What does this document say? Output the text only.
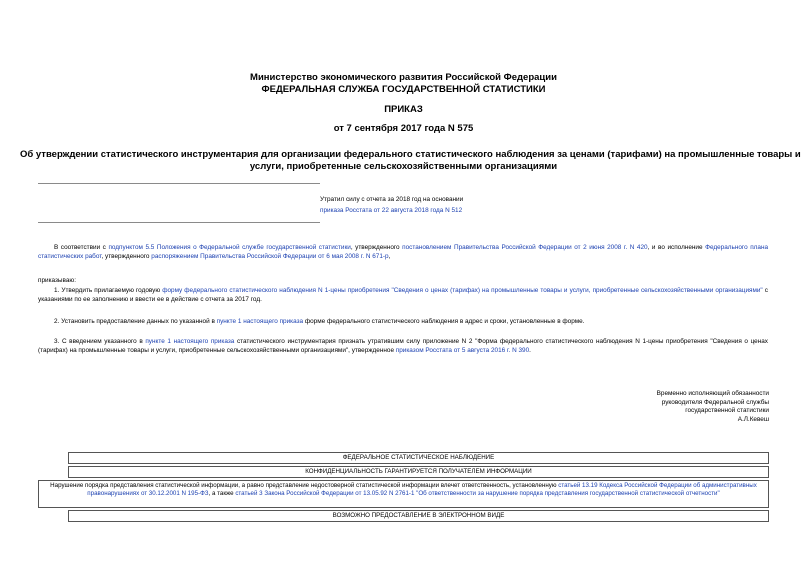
Министерство экономического развития Российской Федерации
ФЕДЕРАЛЬНАЯ СЛУЖБА ГОСУДАРСТВЕННОЙ СТАТИСТИКИ
ПРИКАЗ
от 7 сентября 2017 года N 575
Об утверждении статистического инструментария для организации федерального статистического наблюдения за ценами (тарифами) на промышленные товары и
услуги, приобретенные сельскохозяйственными организациями
Утратил силу с отчета за 2018 год на основании
приказа Росстата от 22 августа 2018 года N 512
В соответствии с подпунктом 5.5 Положения о Федеральной службе государственной статистики, утвержденного постановлением Правительства Российской Федерации от 2 июня 2008 г. N 420, и во исполнение Федерального плана статистических работ, утвержденного распоряжением Правительства Российской Федерации от 6 мая 2008 г. N 671-р,
приказываю:
1. Утвердить прилагаемую годовую форму федерального статистического наблюдения N 1-цены приобретения "Сведения о ценах (тарифах) на промышленные товары и услуги, приобретенные сельскохозяйственными организациями" с указаниями по ее заполнению и ввести ее в действие с отчета за 2017 год.
2. Установить предоставление данных по указанной в пункте 1 настоящего приказа форме федерального статистического наблюдения в адрес и сроки, установленные в форме.
3. С введением указанного в пункте 1 настоящего приказа статистического инструментария признать утратившим силу приложение N 2 "Форма федерального статистического наблюдения N 1-цены приобретения "Сведения о ценах (тарифах) на промышленные товары и услуги, приобретенные сельскохозяйственными организациями", утвержденное приказом Росстата от 5 августа 2016 г. N 390.
Временно исполняющий обязанности
руководителя Федеральной службы
государственной статистики
А.Л.Кевеш
ФЕДЕРАЛЬНОЕ СТАТИСТИЧЕСКОЕ НАБЛЮДЕНИЕ
КОНФИДЕНЦИАЛЬНОСТЬ ГАРАНТИРУЕТСЯ ПОЛУЧАТЕЛЕМ ИНФОРМАЦИИ
Нарушение порядка представления статистической информации, а равно представление недостоверной статистической информации влечет ответственность, установленную статьей 13.19 Кодекса Российской Федерации об административных правонарушениях от 30.12.2001 N 195-ФЗ, а также статьей 3 Закона Российской Федерации от 13.05.92 N 2761-1 "Об ответственности за нарушение порядка представления государственной статистической отчетности"
ВОЗМОЖНО ПРЕДОСТАВЛЕНИЕ В ЭЛЕКТРОННОМ ВИДЕ
